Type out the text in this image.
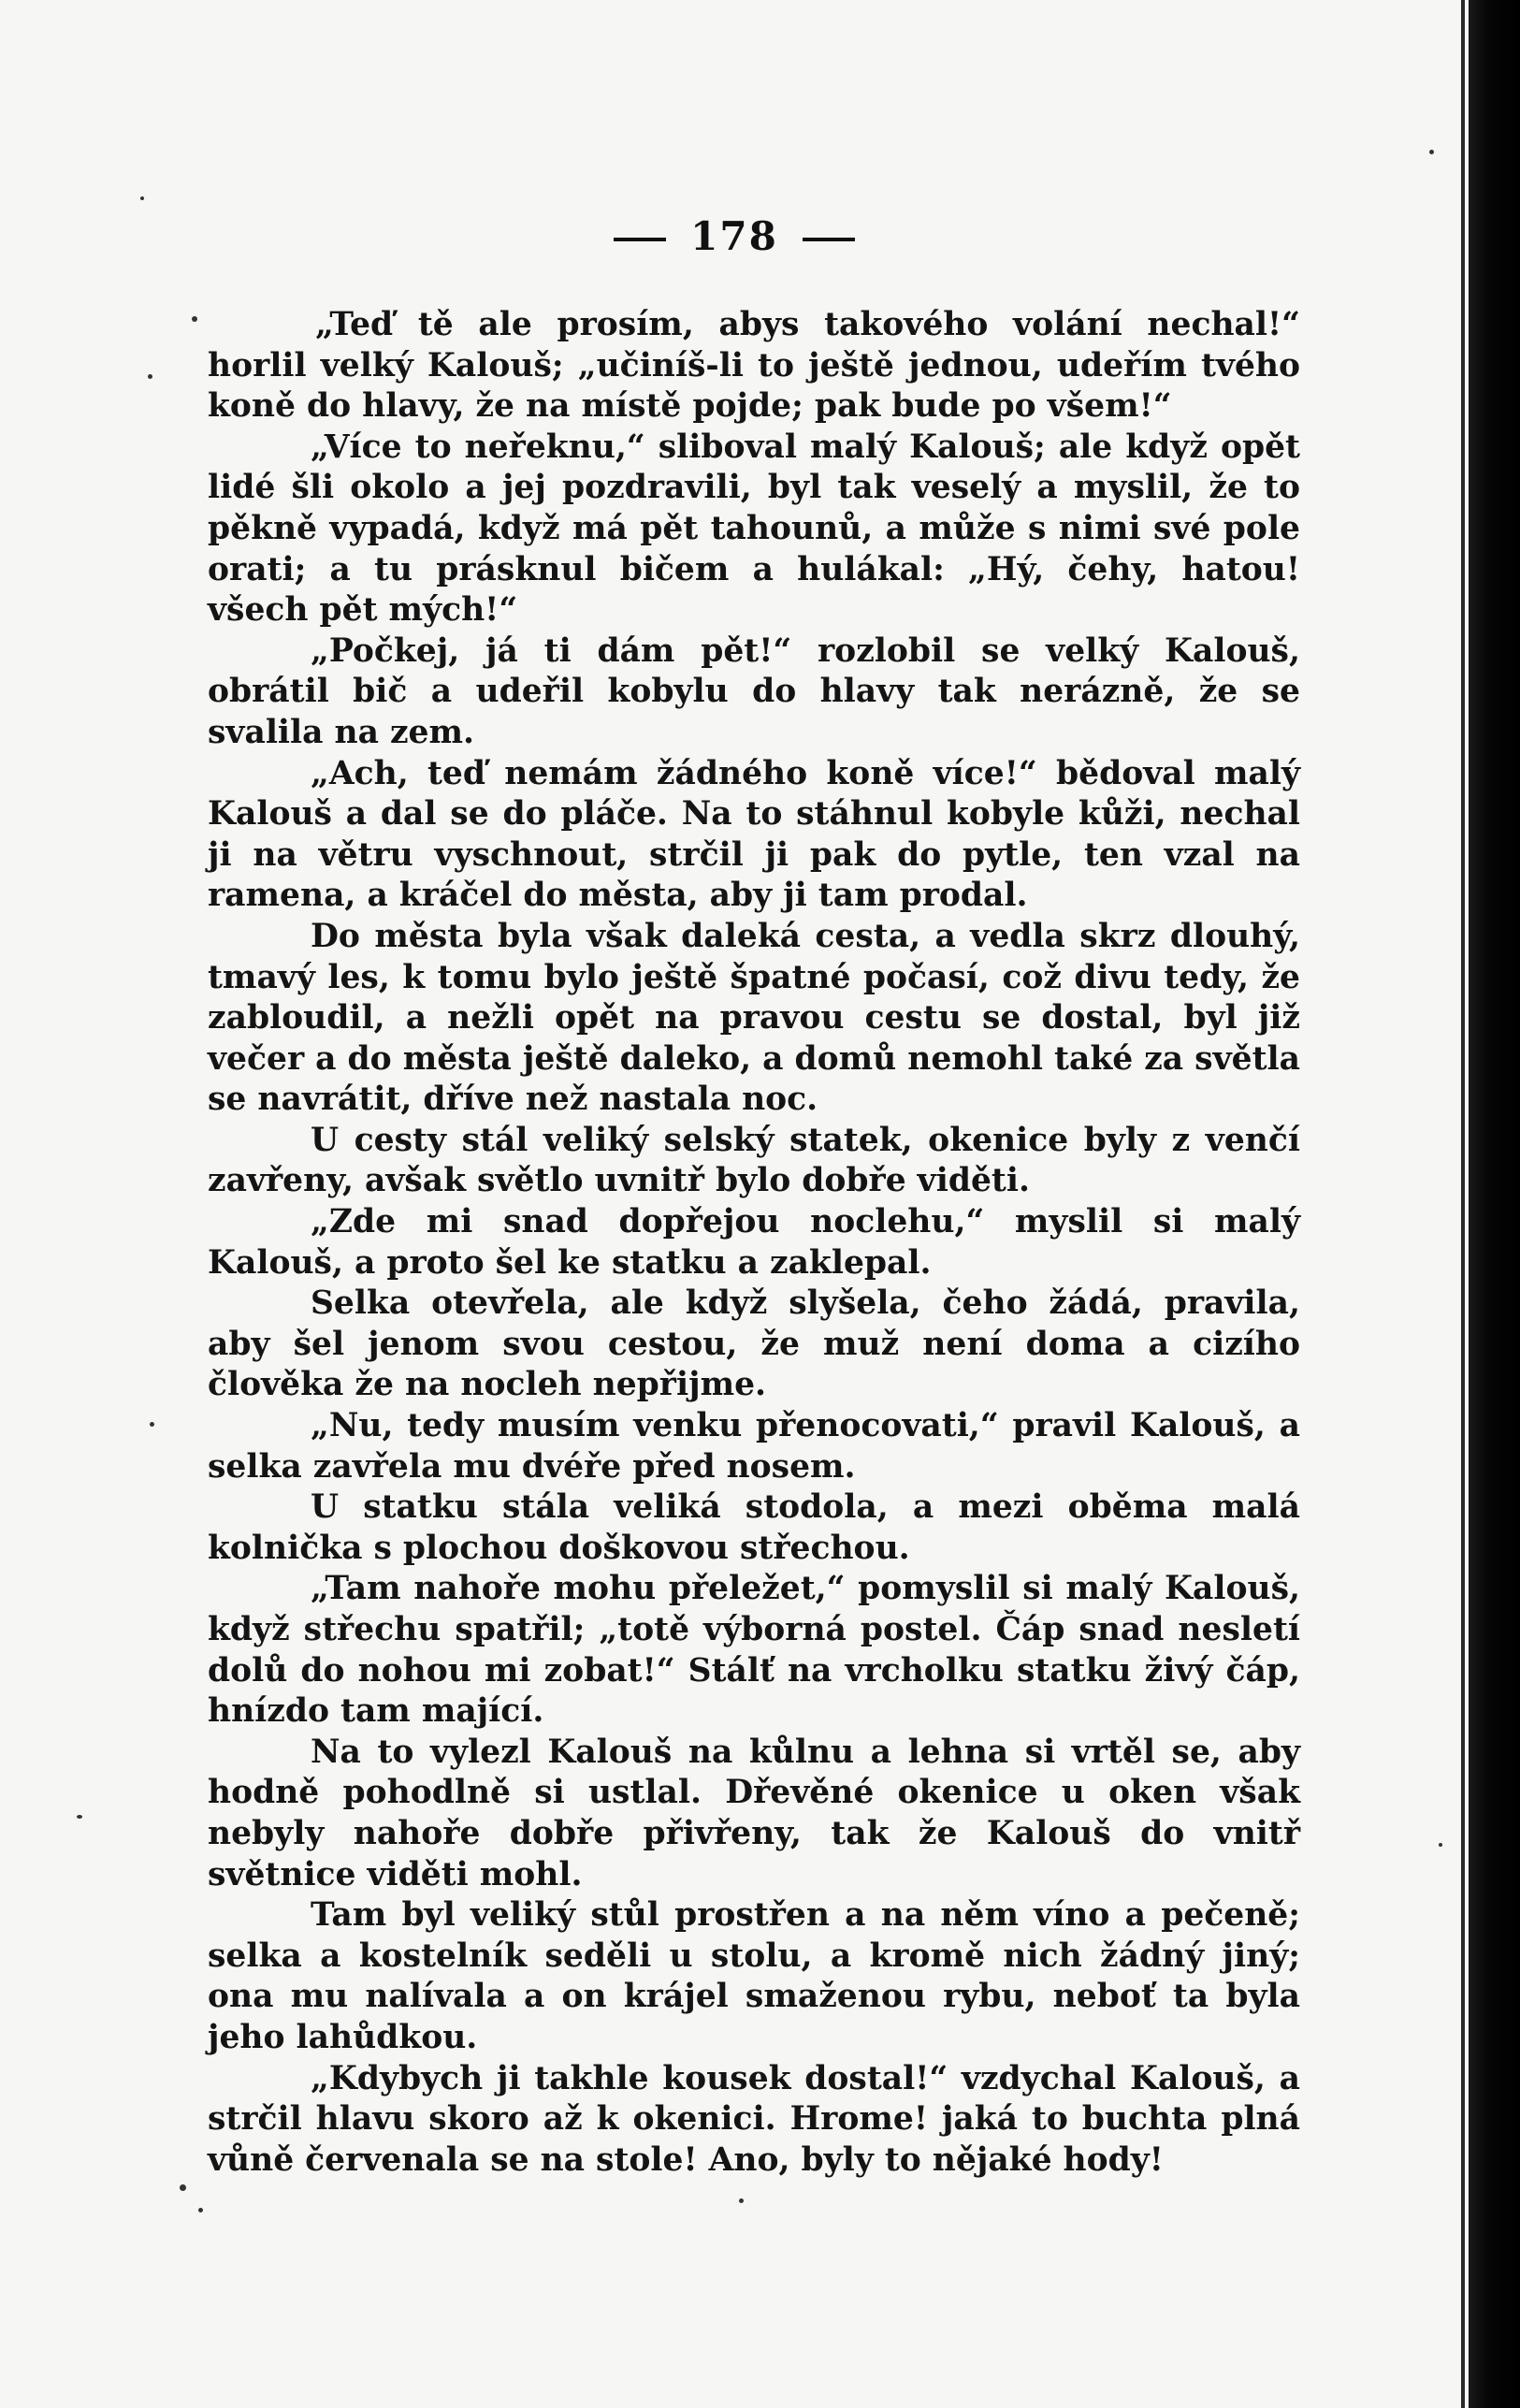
178

„Teď tě ale prosím, abys takového volání nechal!“ horlil velký Kalouš; „učiníš-li to ještě jednou, udeřím tvého koně do hlavy, že na místě pojde; pak bude po všem!“

„Více to neřeknu,“ sliboval malý Kalouš; ale když opět lidé šli okolo a jej pozdravili, byl tak veselý a myslil, že to pěkně vypadá, když má pět tahounů, a může s nimi své pole orati; a tu prásknul bičem a hulákal: „Hý, čehy, hatou! všech pět mých!“

„Počkej, já ti dám pět!“ rozlobil se velký Kalouš, obrátil bič a udeřil kobylu do hlavy tak nerázně, že se svalila na zem.

„Ach, teď nemám žádného koně více!“ bědoval malý Kalouš a dal se do pláče. Na to stáhnul kobyle kůži, nechal ji na větru vyschnout, strčil ji pak do pytle, ten vzal na ramena, a kráčel do města, aby ji tam prodal.

Do města byla však daleká cesta, a vedla skrz dlouhý, tmavý les, k tomu bylo ještě špatné počasí, což divu tedy, že zabloudil, a nežli opět na pravou cestu se dostal, byl již večer a do města ještě daleko, a domů nemohl také za světla se navrátit, dříve než nastala noc.

U cesty stál veliký selský statek, okenice byly z venčí zavřeny, avšak světlo uvnitř bylo dobře viděti.

„Zde mi snad dopřejou noclehu,“ myslil si malý Kalouš, a proto šel ke statku a zaklepal.

Selka otevřela, ale když slyšela, čeho žádá, pravila, aby šel jenom svou cestou, že muž není doma a cizího člověka že na nocleh nepřijme.

„Nu, tedy musím venku přenocovati,“ pravil Kalouš, a selka zavřela mu dvéře před nosem.

U statku stála veliká stodola, a mezi oběma malá kolnička s plochou doškovou střechou.

„Tam nahoře mohu přeležet,“ pomyslil si malý Kalouš, když střechu spatřil; „totě výborná postel. Čáp snad nesletí dolů do nohou mi zobat!“ Stálť na vrcholku statku živý čáp, hnízdo tam mající.

Na to vylezl Kalouš na kůlnu a lehna si vrtěl se, aby hodně pohodlně si ustlal. Dřevěné okenice u oken však nebyly nahoře dobře přivřeny, tak že Kalouš do vnitř světnice viděti mohl.

Tam byl veliký stůl prostřen a na něm víno a pečeně; selka a kostelník seděli u stolu, a kromě nich žádný jiný; ona mu nalívala a on krájel smaženou rybu, neboť ta byla jeho lahůdkou.

„Kdybych ji takhle kousek dostal!“ vzdychal Kalouš, a strčil hlavu skoro až k okenici. Hrome! jaká to buchta plná vůně červenala se na stole! Ano, byly to nějaké hody!
